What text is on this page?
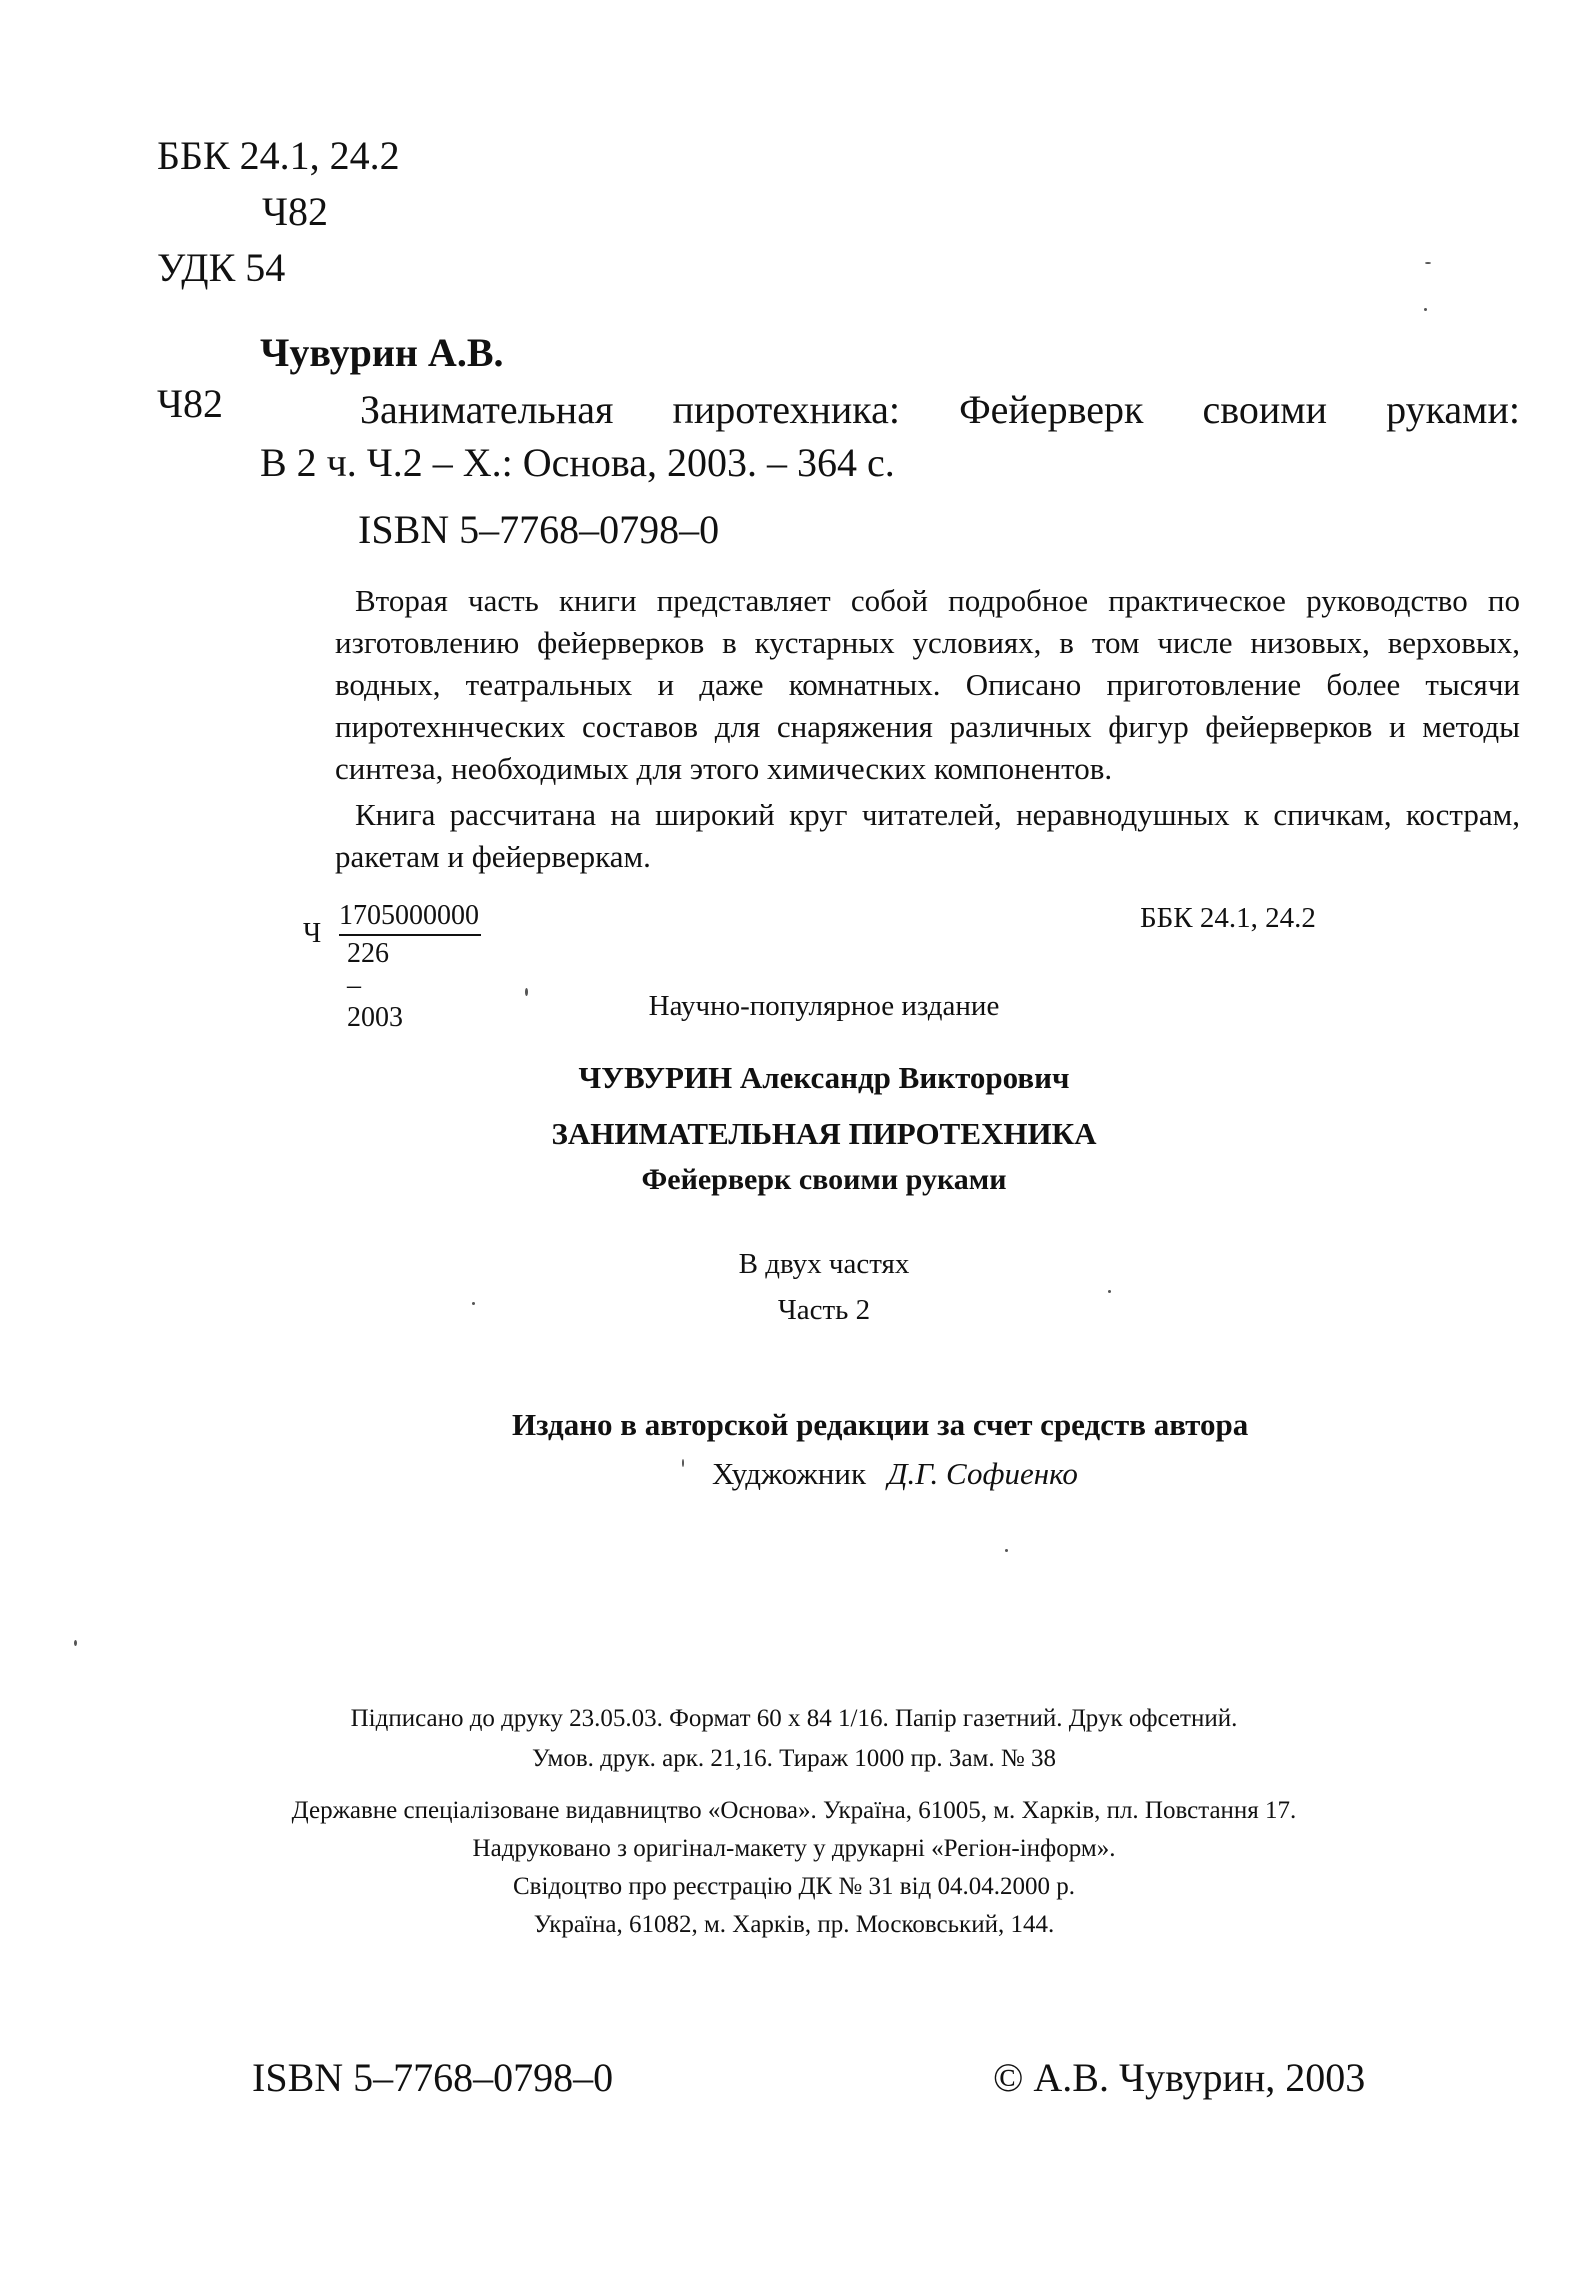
ББК 24.1, 24.2
Ч82
УДК 54
Чувурин А.В.
Ч82	Занимательная пиротехника: Фейерверк своими руками:
В 2 ч. Ч.2 – Х.: Основа, 2003. – 364 с.
ISBN 5–7768–0798–0

Вторая часть книги представляет собой подробное практическое руководство по изготовлению фейерверков в кустарных условиях, в том числе низовых, верховых, водных, театральных и даже комнатных. Описано приготовление более тысячи пиротехннческих составов для снаряжения различных фигур фейерверков и методы синтеза, необходимых для этого химических компонентов.

Книга рассчитана на широкий круг читателей, неравнодушных к спичкам, кострам, ракетам и фейерверкам.

Ч
1705000000
226 – 2003
ББК 24.1, 24.2
Научно-популярное издание
ЧУВУРИН Александр Викторович
ЗАНИМАТЕЛЬНАЯ ПИРОТЕХНИКА
Фейерверк своими руками
В двух частях
Часть 2
Издано в авторской редакции за счет средств автора
Худжожник Д.Г. Софиенко
Підписано до друку 23.05.03. Формат 60 x 84 1/16. Папір газетний. Друк офсетний.
Умов. друк. арк. 21,16. Тираж 1000 пр. Зам. № 38
Державне спеціалізоване видавництво «Основа». Україна, 61005, м. Харків, пл. Повстання 17.
Надруковано з оригінал-макету у друкарні «Регіон-інформ».
Свідоцтво про реєстрацію ДК № 31 від 04.04.2000 р.
Україна, 61082, м. Харків, пр. Московський, 144.
ISBN 5–7768–0798–0	© А.В. Чувурин, 2003
